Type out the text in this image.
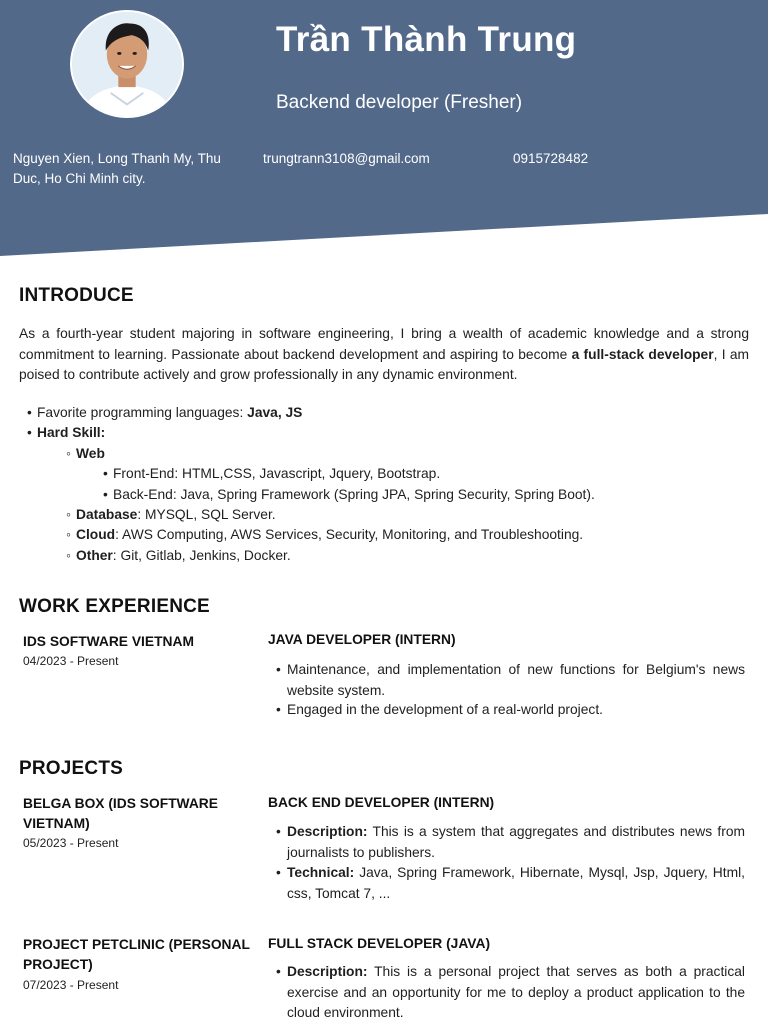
Trần Thành Trung
Backend developer (Fresher)
Nguyen Xien, Long Thanh My, Thu Duc, Ho Chi Minh city.
trungtrann3108@gmail.com	0915728482
INTRODUCE
As a fourth-year student majoring in software engineering, I bring a wealth of academic knowledge and a strong commitment to learning. Passionate about backend development and aspiring to become a full-stack developer, I am poised to contribute actively and grow professionally in any dynamic environment.
• Favorite programming languages: Java, JS
• Hard Skill:
◦ Web
• Front-End: HTML,CSS, Javascript, Jquery, Bootstrap.
• Back-End: Java, Spring Framework (Spring JPA, Spring Security, Spring Boot).
◦ Database: MYSQL, SQL Server.
◦ Cloud: AWS Computing, AWS Services, Security, Monitoring, and Troubleshooting.
◦ Other: Git, Gitlab, Jenkins, Docker.
WORK EXPERIENCE
IDS SOFTWARE VIETNAM
04/2023 - Present
JAVA DEVELOPER (INTERN)
• Maintenance, and implementation of new functions for Belgium's news website system.
• Engaged in the development of a real-world project.
PROJECTS
BELGA BOX (IDS SOFTWARE VIETNAM)
05/2023 - Present
BACK END DEVELOPER (INTERN)
• Description: This is a system that aggregates and distributes news from journalists to publishers.
• Technical: Java, Spring Framework, Hibernate, Mysql, Jsp, Jquery, Html, css, Tomcat 7, ...
PROJECT PETCLINIC (PERSONAL PROJECT)
07/2023 - Present
FULL STACK DEVELOPER (JAVA)
• Description: This is a personal project that serves as both a practical exercise and an opportunity for me to deploy a product application to the cloud environment.
